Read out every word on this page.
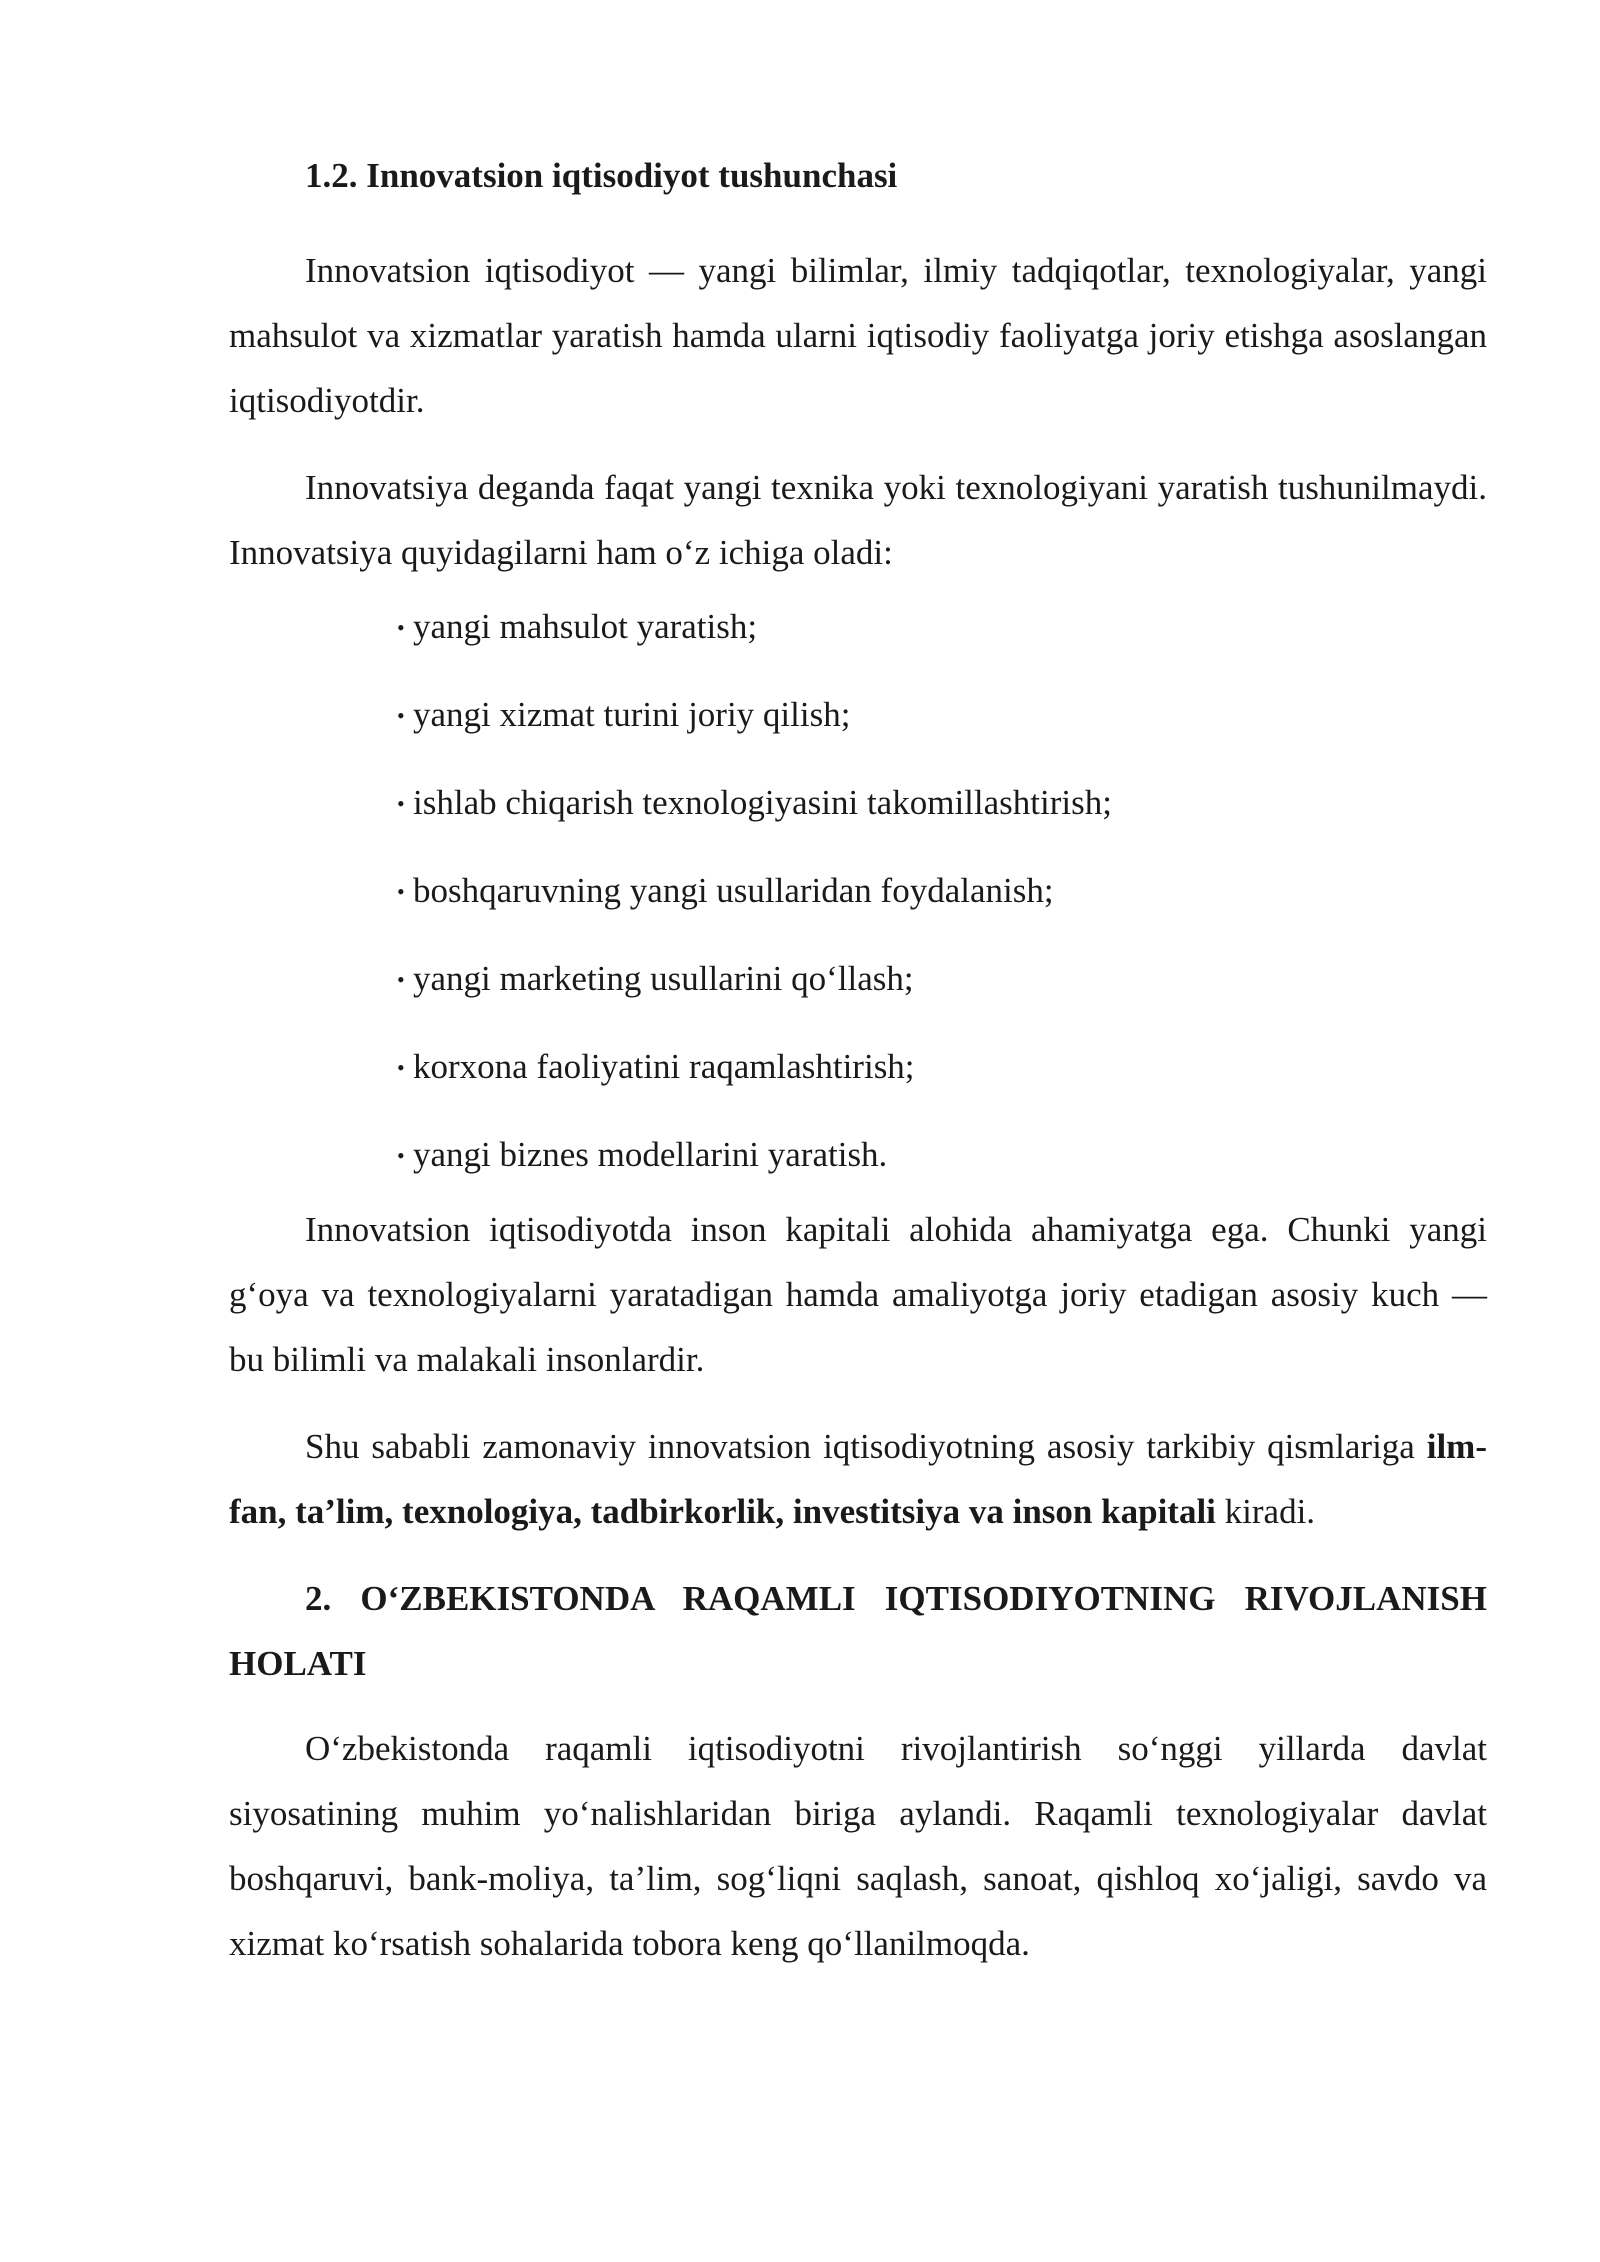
1.2. Innovatsion iqtisodiyot tushunchasi

Innovatsion iqtisodiyot — yangi bilimlar, ilmiy tadqiqotlar, texnologiyalar, yangi mahsulot va xizmatlar yaratish hamda ularni iqtisodiy faoliyatga joriy etishga asoslangan iqtisodiyotdir.

Innovatsiya deganda faqat yangi texnika yoki texnologiyani yaratish tushunilmaydi. Innovatsiya quyidagilarni ham o‘z ichiga oladi:

• yangi mahsulot yaratish;
• yangi xizmat turini joriy qilish;
• ishlab chiqarish texnologiyasini takomillashtirish;
• boshqaruvning yangi usullaridan foydalanish;
• yangi marketing usullarini qo‘llash;
• korxona faoliyatini raqamlashtirish;
• yangi biznes modellarini yaratish.

Innovatsion iqtisodiyotda inson kapitali alohida ahamiyatga ega. Chunki yangi g‘oya va texnologiyalarni yaratadigan hamda amaliyotga joriy etadigan asosiy kuch — bu bilimli va malakali insonlardir.

Shu sababli zamonaviy innovatsion iqtisodiyotning asosiy tarkibiy qismlariga ilm-fan, ta’lim, texnologiya, tadbirkorlik, investitsiya va inson kapitali kiradi.

2. O‘ZBEKISTONDA RAQAMLI IQTISODIYOTNING RIVOJLANISH HOLATI

O‘zbekistonda raqamli iqtisodiyotni rivojlantirish so‘nggi yillarda davlat siyosatining muhim yo‘nalishlaridan biriga aylandi. Raqamli texnologiyalar davlat boshqaruvi, bank-moliya, ta’lim, sog‘liqni saqlash, sanoat, qishloq xo‘jaligi, savdo va xizmat ko‘rsatish sohalarida tobora keng qo‘llanilmoqda.
